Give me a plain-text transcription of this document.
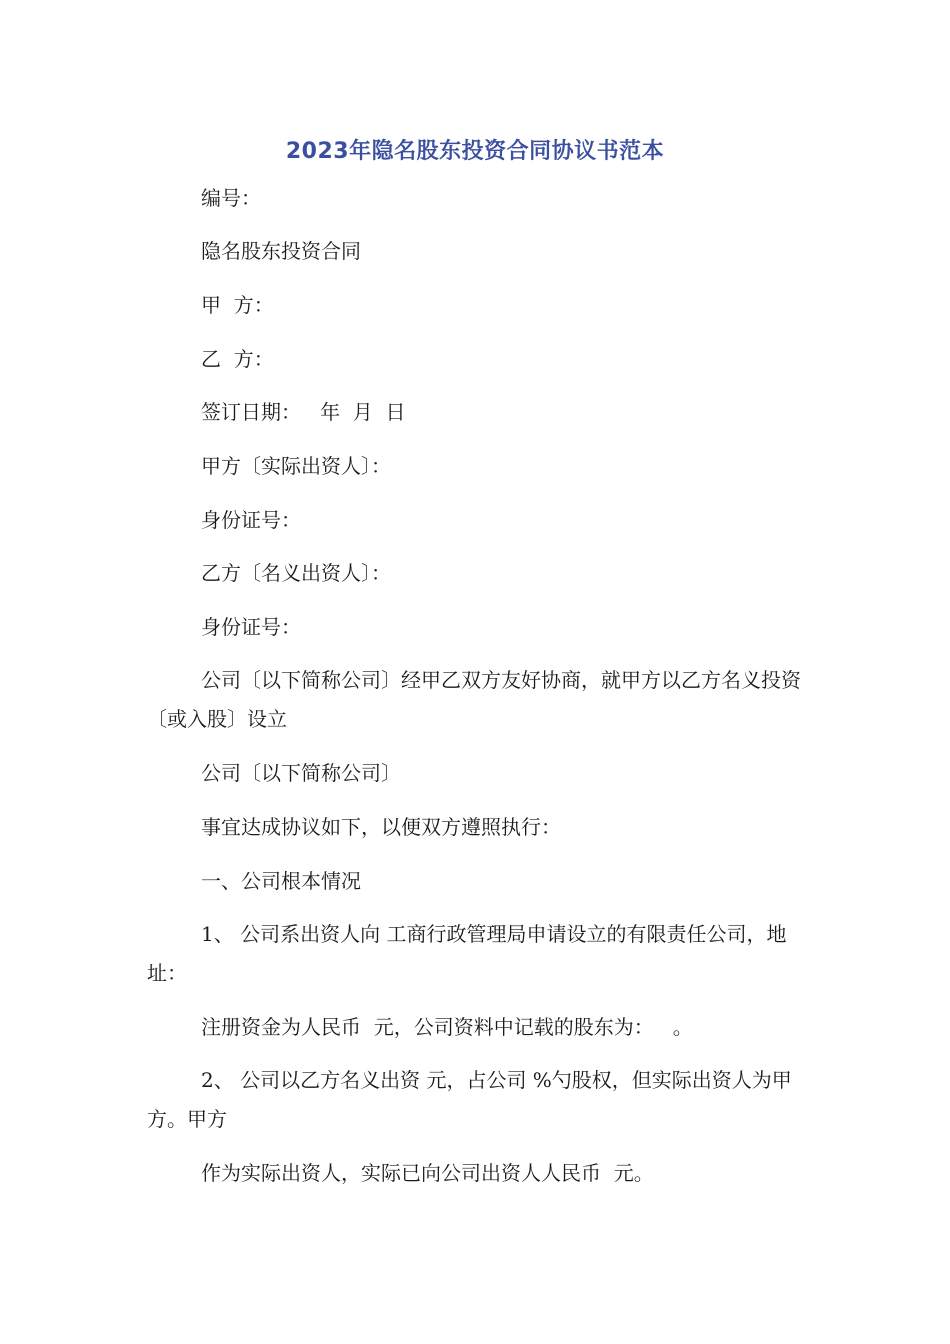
2023年隐名股东投资合同协议书范本
编号：
隐名股东投资合同
甲  方：
乙  方：
签订日期：   年  月  日
甲方〔实际出资人〕：
身份证号：
乙方〔名义出资人〕：
身份证号：
公司〔以下简称公司〕经甲乙双方友好协商，就甲方以乙方名义投资〔或入股〕设立
公司〔以下简称公司〕
事宜达成协议如下，以便双方遵照执行：
一、公司根本情况
1、 公司系出资人向 工商行政管理局申请设立的有限责任公司，地址：
注册资金为人民币  元，公司资料中记载的股东为：   。
2、 公司以乙方名义出资 元，占公司 %勺股权，但实际出资人为甲方。甲方
作为实际出资人，实际已向公司出资人人民币  元。
